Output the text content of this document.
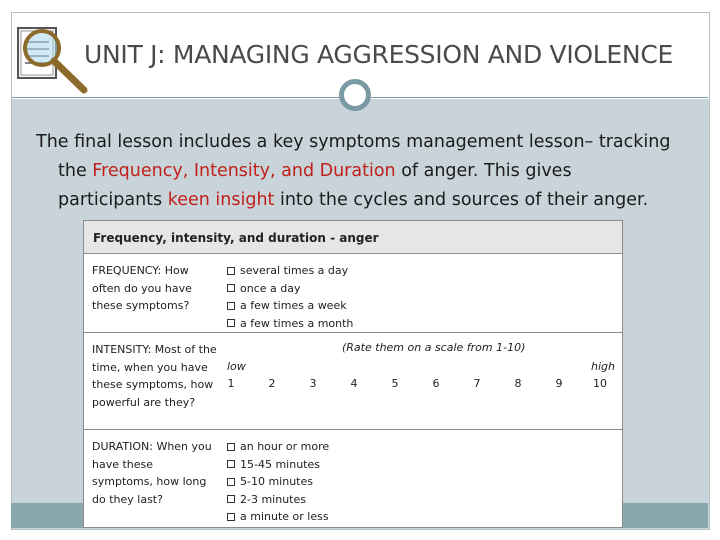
UNIT J: MANAGING AGGRESSION AND VIOLENCE
The final lesson includes a key symptoms management lesson– tracking
the Frequency, Intensity, and Duration of anger. This gives
participants keen insight into the cycles and sources of their anger.
Frequency, intensity, and duration - anger
FREQUENCY: How often do you have these symptoms?
several times a day
once a day
a few times a week
a few times a month
INTENSITY: Most of the time, when you have these symptoms, how powerful are they?
(Rate them on a scale from 1-10)
low	high
1	2	3	4	5	6	7	8	9	10
DURATION: When you have these symptoms, how long do they last?
an hour or more
15-45 minutes
5-10 minutes
2-3 minutes
a minute or less
